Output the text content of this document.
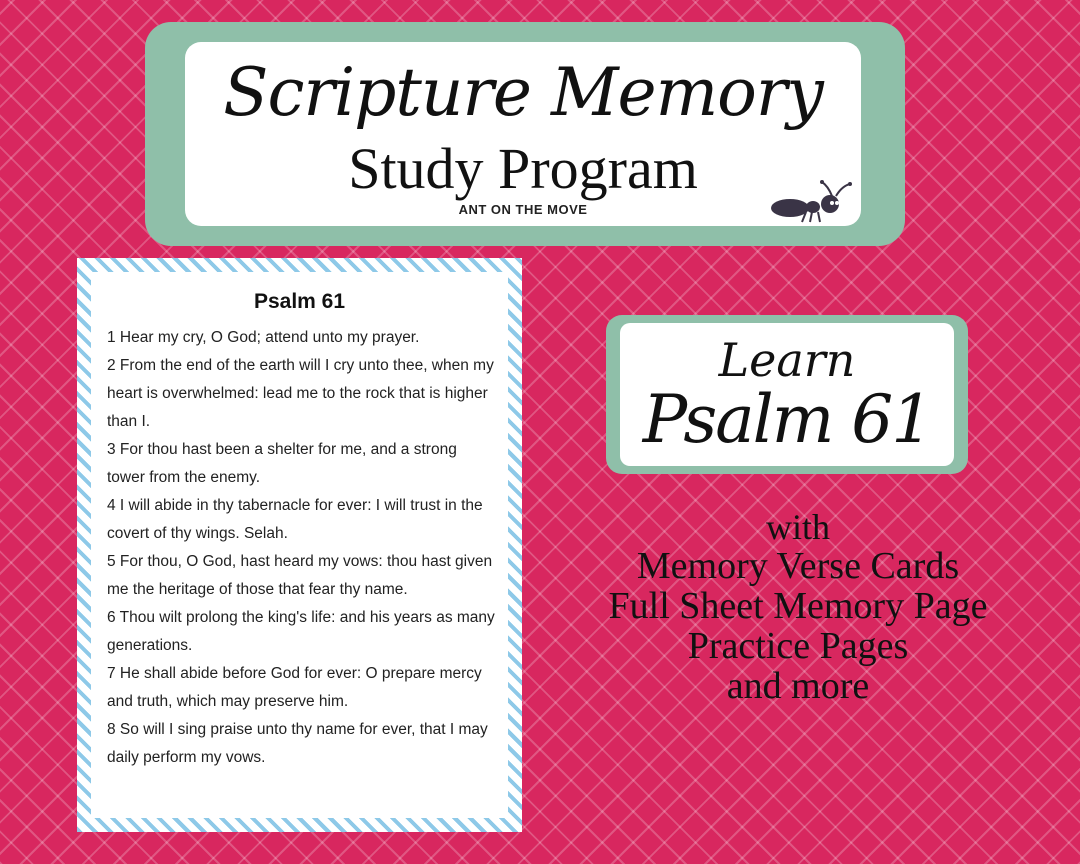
Scripture Memory
Study Program
ANT ON THE MOVE
Psalm 61

1 Hear my cry, O God; attend unto my prayer.

2 From the end of the earth will I cry unto thee, when my heart is overwhelmed: lead me to the rock that is higher than I.

3 For thou hast been a shelter for me, and a strong tower from the enemy.

4 I will abide in thy tabernacle for ever: I will trust in the covert of thy wings. Selah.

5 For thou, O God, hast heard my vows: thou hast given me the heritage of those that fear thy name.

6 Thou wilt prolong the king's life: and his years as many generations.

7 He shall abide before God for ever: O prepare mercy and truth, which may preserve him.

8 So will I sing praise unto thy name for ever, that I may daily perform my vows.

Learn
Psalm 61
with
Memory Verse Cards
Full Sheet Memory Page
Practice Pages
and more
